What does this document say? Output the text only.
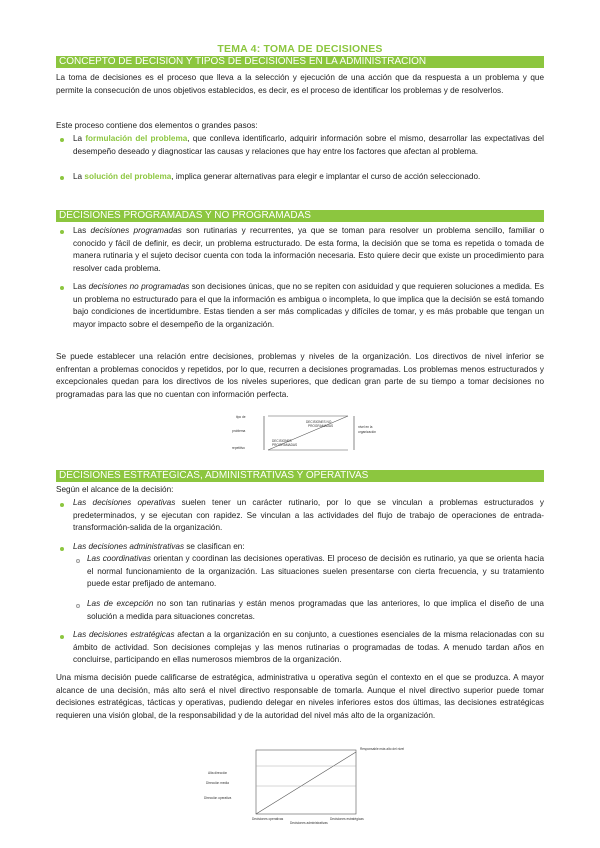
TEMA 4: TOMA DE DECISIONES
CONCEPTO DE DECISIÓN Y TIPOS DE DECISIONES EN LA ADMINISTRACIÓN

La toma de decisiones es el proceso que lleva a la selección y ejecución de una acción que da respuesta a un problema y que permite la consecución de unos objetivos establecidos, es decir, es el proceso de identificar los problemas y de resolverlos.

Este proceso contiene dos elementos o grandes pasos:

La formulación del problema, que conlleva identificarlo, adquirir información sobre el mismo, desarrollar las expectativas del desempeño deseado y diagnosticar las causas y relaciones que hay entre los factores que afectan al problema.

La solución del problema, implica generar alternativas para elegir e implantar el curso de acción seleccionado.

DECISIONES PROGRAMADAS Y NO PROGRAMADAS

Las decisiones programadas son rutinarias y recurrentes, ya que se toman para resolver un problema sencillo, familiar o conocido y fácil de definir, es decir, un problema estructurado. De esta forma, la decisión que se toma es repetida o tomada de manera rutinaria y el sujeto decisor cuenta con toda la información necesaria. Esto quiere decir que existe un procedimiento para resolver cada problema.

Las decisiones no programadas son decisiones únicas, que no se repiten con asiduidad y que requieren soluciones a medida. Es un problema no estructurado para el que la información es ambigua o incompleta, lo que implica que la decisión se está tomando bajo condiciones de incertidumbre. Estas tienden a ser más complicadas y difíciles de tomar, y es más probable que tengan un mayor impacto sobre el desempeño de la organización.

Se puede establecer una relación entre decisiones, problemas y niveles de la organización. Los directivos de nivel inferior se enfrentan a problemas conocidos y repetidos, por lo que, recurren a decisiones programadas. Los problemas menos estructurados y excepcionales quedan para los directivos de los niveles superiores, que dedican gran parte de su tiempo a tomar decisiones no programadas para las que no cuentan con información perfecta.

tipo de
problema
repetitivo
DECISIONES NO
PROGRAMADAS
DECISIONES
PROGRAMADAS
nivel en la
organización
DECISIONES ESTRATÉGICAS, ADMINISTRATIVAS Y OPERATIVAS

Según el alcance de la decisión:

Las decisiones operativas suelen tener un carácter rutinario, por lo que se vinculan a problemas estructurados y predeterminados, y se ejecutan con rapidez. Se vinculan a las actividades del flujo de trabajo de operaciones de entrada-transformación-salida de la organización.

Las decisiones administrativas se clasifican en:

Las coordinativas orientan y coordinan las decisiones operativas. El proceso de decisión es rutinario, ya que se orienta hacia el normal funcionamiento de la organización. Las situaciones suelen presentarse con cierta frecuencia, y su tratamiento puede estar prefijado de antemano.

Las de excepción no son tan rutinarias y están menos programadas que las anteriores, lo que implica el diseño de una solución a medida para situaciones concretas.

Las decisiones estratégicas afectan a la organización en su conjunto, a cuestiones esenciales de la misma relacionadas con su ámbito de actividad. Son decisiones complejas y las menos rutinarias o programadas de todas. A menudo tardan años en concluirse, participando en ellas numerosos miembros de la organización.

Una misma decisión puede calificarse de estratégica, administrativa u operativa según el contexto en el que se produzca. A mayor alcance de una decisión, más alto será el nivel directivo responsable de tomarla. Aunque el nivel directivo superior puede tomar decisiones estratégicas, tácticas y operativas, pudiendo delegar en niveles inferiores estos dos últimas, las decisiones estratégicas requieren una visión global, de la responsabilidad y de la autoridad del nivel más alto de la organización.

Alta dirección
Dirección media
Dirección operativa
Decisiones operativas
Decisiones administrativas
Decisiones estratégicas
Responsable más alto del nivel
